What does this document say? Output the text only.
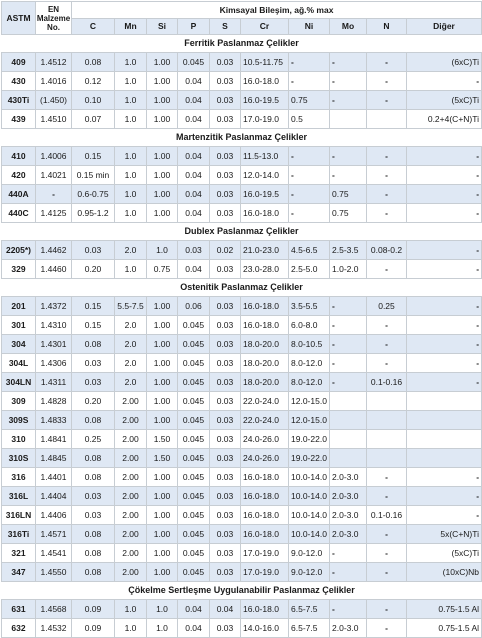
ASTM	EN Malzeme No.	Kimsayal Bileşim, ağ.% max									
		C	Mn	Si	P	S	Cr	Ni	Mo	N	Diğer
Ferritik Paslanmaz Çelikler											
409	1.4512	0.08	1.0	1.00	0.045	0.03	10.5-11.75	-	-	-	(6xC)Ti
430	1.4016	0.12	1.0	1.00	0.04	0.03	16.0-18.0	-	-	-	-
430Ti	(1.450)	0.10	1.0	1.00	0.04	0.03	16.0-19.5	0.75	-	-	(5xC)Ti
439	1.4510	0.07	1.0	1.00	0.04	0.03	17.0-19.0	0.5			0.2+4(C+N)Ti
Martenzitik Paslanmaz Çelikler											
410	1.4006	0.15	1.0	1.00	0.04	0.03	11.5-13.0	-	-	-	-
420	1.4021	0.15 min	1.0	1.00	0.04	0.03	12.0-14.0	-	-	-	-
440A	-	0.6-0.75	1.0	1.00	0.04	0.03	16.0-19.5	-	0.75	-	-
440C	1.4125	0.95-1.2	1.0	1.00	0.04	0.03	16.0-18.0	-	0.75	-	-
Dublex Paslanmaz Çelikler											
2205*)	1.4462	0.03	2.0	1.0	0.03	0.02	21.0-23.0	4.5-6.5	2.5-3.5	0.08-0.2	-
329	1.4460	0.20	1.0	0.75	0.04	0.03	23.0-28.0	2.5-5.0	1.0-2.0	-	-
Ostenitik Paslanmaz Çelikler											
201	1.4372	0.15	5.5-7.5	1.00	0.06	0.03	16.0-18.0	3.5-5.5	-	0.25	-
301	1.4310	0.15	2.0	1.00	0.045	0.03	16.0-18.0	6.0-8.0	-	-	-
304	1.4301	0.08	2.0	1.00	0.045	0.03	18.0-20.0	8.0-10.5	-	-	-
304L	1.4306	0.03	2.0	1.00	0.045	0.03	18.0-20.0	8.0-12.0	-	-	-
304LN	1.4311	0.03	2.0	1.00	0.045	0.03	18.0-20.0	8.0-12.0	-	0.1-0.16	-
309	1.4828	0.20	2.00	1.00	0.045	0.03	22.0-24.0	12.0-15.0			
309S	1.4833	0.08	2.00	1.00	0.045	0.03	22.0-24.0	12.0-15.0			
310	1.4841	0.25	2.00	1.50	0.045	0.03	24.0-26.0	19.0-22.0			
310S	1.4845	0.08	2.00	1.50	0.045	0.03	24.0-26.0	19.0-22.0			
316	1.4401	0.08	2.00	1.00	0.045	0.03	16.0-18.0	10.0-14.0	2.0-3.0	-	-
316L	1.4404	0.03	2.00	1.00	0.045	0.03	16.0-18.0	10.0-14.0	2.0-3.0	-	-
316LN	1.4406	0.03	2.00	1.00	0.045	0.03	16.0-18.0	10.0-14.0	2.0-3.0	0.1-0.16	-
316Ti	1.4571	0.08	2.00	1.00	0.045	0.03	16.0-18.0	10.0-14.0	2.0-3.0	-	5x(C+N)Ti
321	1.4541	0.08	2.00	1.00	0.045	0.03	17.0-19.0	9.0-12.0	-	-	(5xC)Ti
347	1.4550	0.08	2.00	1.00	0.045	0.03	17.0-19.0	9.0-12.0	-	-	(10xC)Nb
Çökelme Sertleşme Uygulanabilir Paslanmaz Çelikler											
631	1.4568	0.09	1.0	1.0	0.04	0.04	16.0-18.0	6.5-7.5	-	-	0.75-1.5 Al
632	1.4532	0.09	1.0	1.0	0.04	0.03	14.0-16.0	6.5-7.5	2.0-3.0	-	0.75-1.5 Al
